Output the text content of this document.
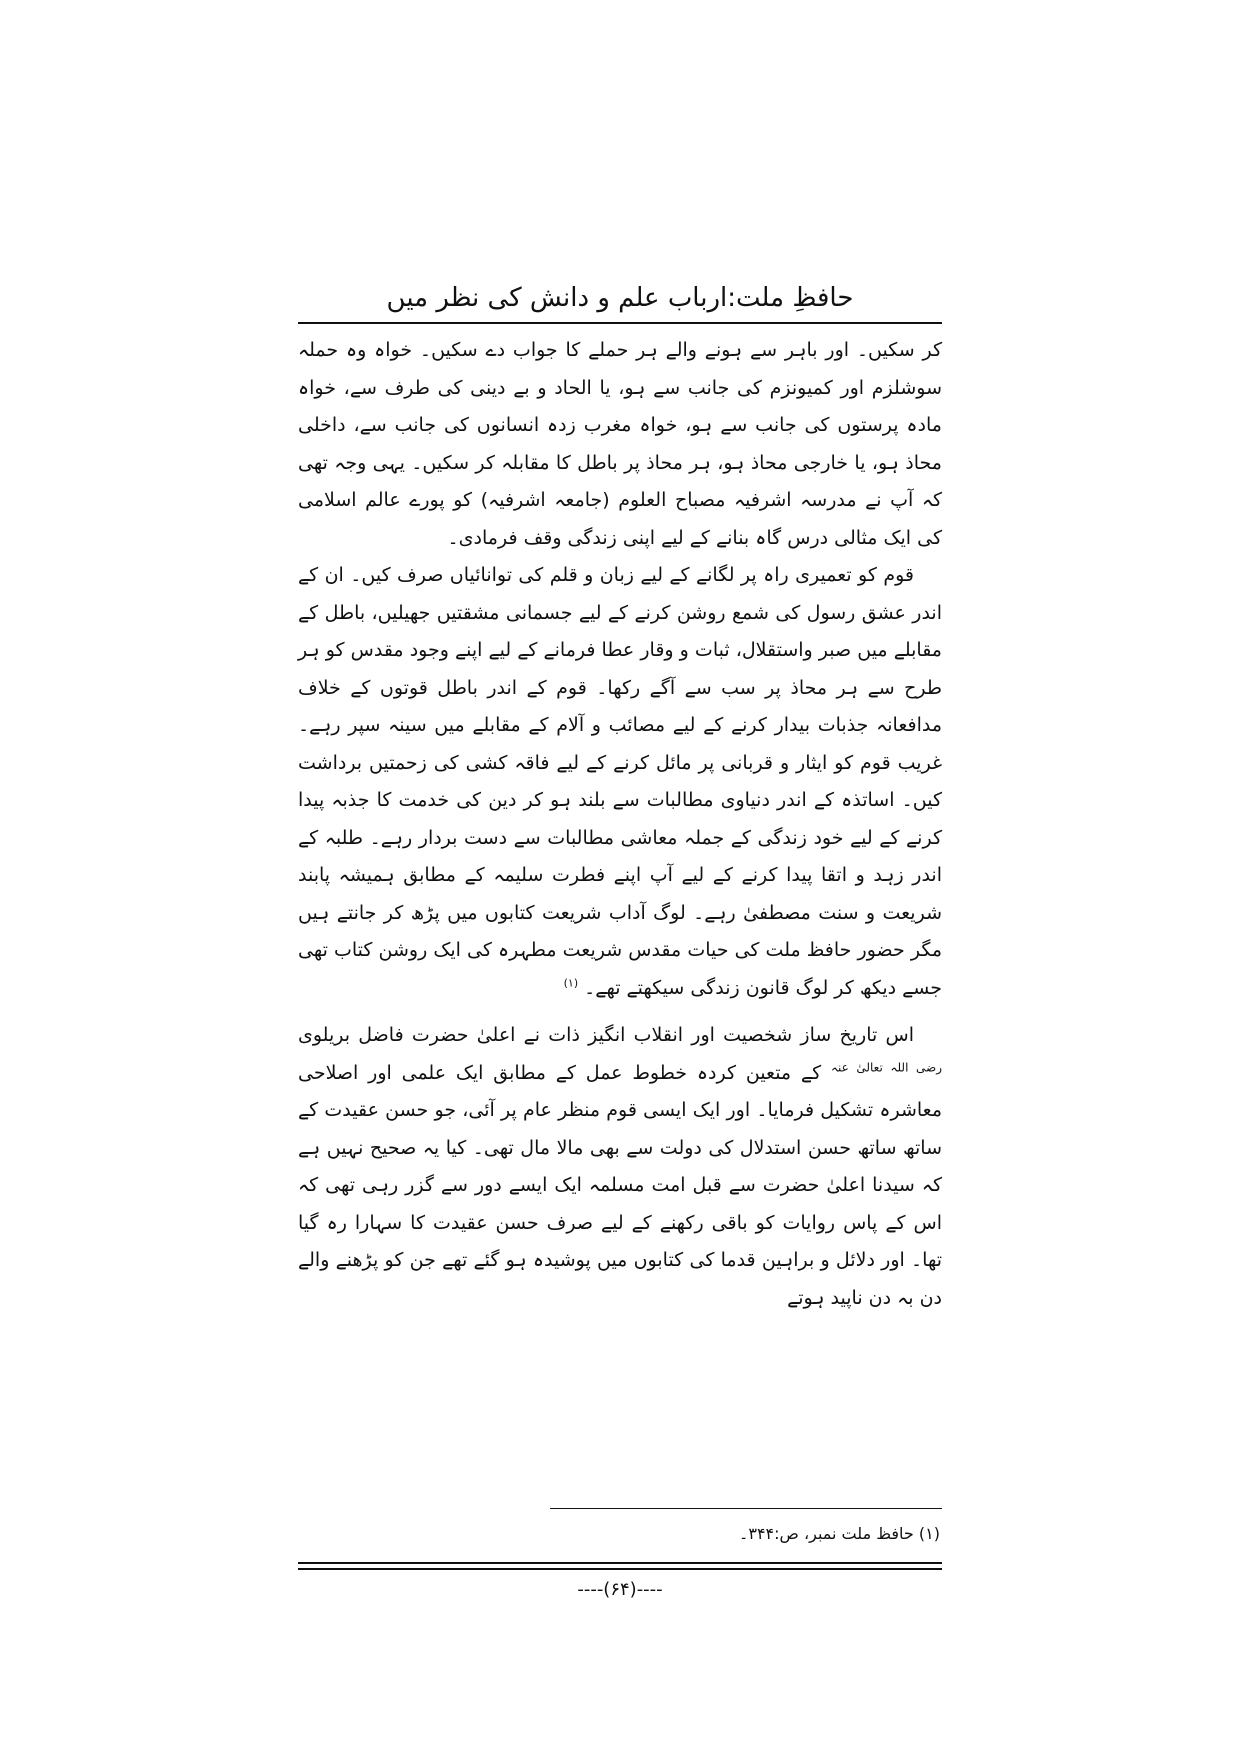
حافظِ ملت:ارباب علم و دانش کی نظر میں

کر سکیں۔ اور باہر سے ہونے والے ہر حملے کا جواب دے سکیں۔ خواہ وہ حملہ سوشلزم اور کمیونزم کی جانب سے ہو، یا الحاد و بے دینی کی طرف سے، خواہ مادہ پرستوں کی جانب سے ہو، خواہ مغرب زدہ انسانوں کی جانب سے، داخلی محاذ ہو، یا خارجی محاذ ہو، ہر محاذ پر باطل کا مقابلہ کر سکیں۔ یہی وجہ تھی کہ آپ نے مدرسہ اشرفیہ مصباح العلوم (جامعہ اشرفیہ) کو پورے عالم اسلامی کی ایک مثالی درس گاہ بنانے کے لیے اپنی زندگی وقف فرمادی۔

قوم کو تعمیری راہ پر لگانے کے لیے زبان و قلم کی توانائیاں صرف کیں۔ ان کے اندر عشق رسول کی شمع روشن کرنے کے لیے جسمانی مشقتیں جھیلیں، باطل کے مقابلے میں صبر واستقلال، ثبات و وقار عطا فرمانے کے لیے اپنے وجود مقدس کو ہر طرح سے ہر محاذ پر سب سے آگے رکھا۔ قوم کے اندر باطل قوتوں کے خلاف مدافعانہ جذبات بیدار کرنے کے لیے مصائب و آلام کے مقابلے میں سینہ سپر رہے۔ غریب قوم کو ایثار و قربانی پر مائل کرنے کے لیے فاقہ کشی کی زحمتیں برداشت کیں۔ اساتذہ کے اندر دنیاوی مطالبات سے بلند ہو کر دین کی خدمت کا جذبہ پیدا کرنے کے لیے خود زندگی کے جملہ معاشی مطالبات سے دست بردار رہے۔ طلبہ کے اندر زہد و اتقا پیدا کرنے کے لیے آپ اپنے فطرت سلیمہ کے مطابق ہمیشہ پابند شریعت و سنت مصطفیٰ رہے۔ لوگ آداب شریعت کتابوں میں پڑھ کر جانتے ہیں مگر حضور حافظ ملت کی حیات مقدس شریعت مطہرہ کی ایک روشن کتاب تھی جسے دیکھ کر لوگ قانون زندگی سیکھتے تھے۔ $^{(۱)}$

اس تاریخ ساز شخصیت اور انقلاب انگیز ذات نے اعلیٰ حضرت فاضل بریلوی $^{رضی اللہ تعالیٰ عنہ}$ کے متعین کردہ خطوط عمل کے مطابق ایک علمی اور اصلاحی معاشرہ تشکیل فرمایا۔ اور ایک ایسی قوم منظر عام پر آئی، جو حسن عقیدت کے ساتھ ساتھ حسن استدلال کی دولت سے بھی مالا مال تھی۔ کیا یہ صحیح نہیں ہے کہ سیدنا اعلیٰ حضرت سے قبل امت مسلمہ ایک ایسے دور سے گزر رہی تھی کہ اس کے پاس روایات کو باقی رکھنے کے لیے صرف حسن عقیدت کا سہارا رہ گیا تھا۔ اور دلائل و براہین قدما کی کتابوں میں پوشیدہ ہو گئے تھے جن کو پڑھنے والے دن بہ دن ناپید ہوتے

(۱) حافظ ملت نمبر، ص:۳۴۴۔
----(۶۴)----
